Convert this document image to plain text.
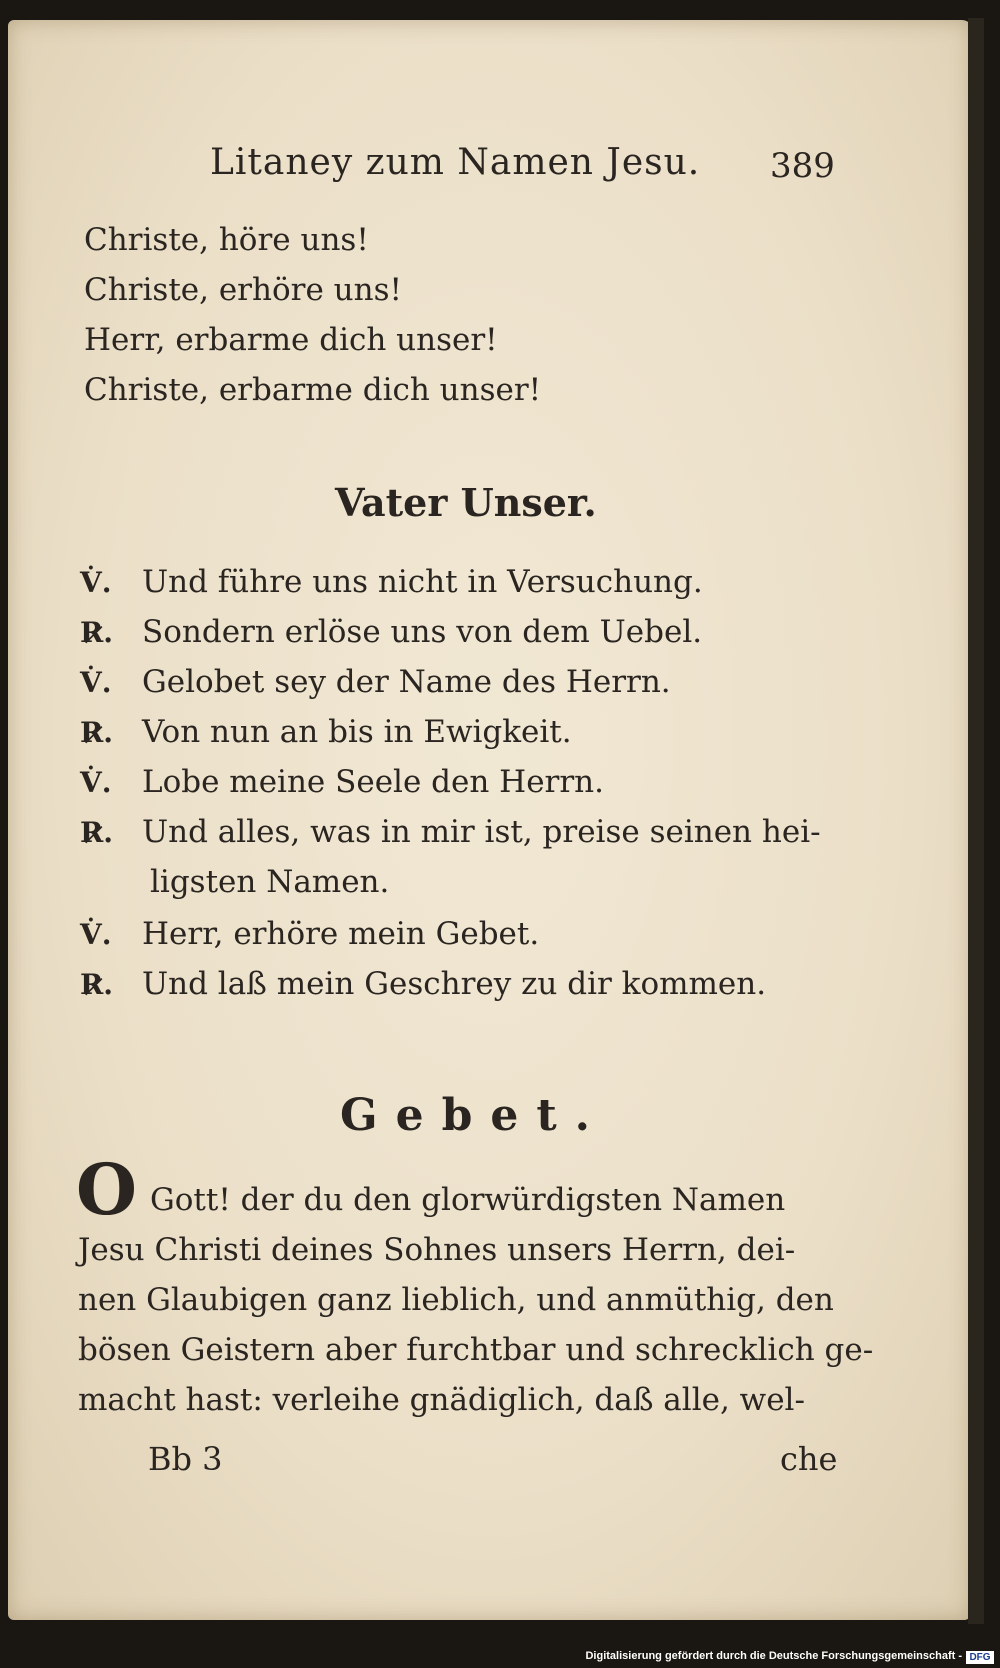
Litaney zum Namen Jesu. 389
Christe, höre uns!
Christe, erhöre uns!
Herr, erbarme dich unser!
Christe, erbarme dich unser!
Vater Unser.
V̇. Und führe uns nicht in Versuchung.
R̷. Sondern erlöse uns von dem Uebel.
V̇. Gelobet sey der Name des Herrn.
R̷. Von nun an bis in Ewigkeit.
V̇. Lobe meine Seele den Herrn.
R̷. Und alles, was in mir ist, preise seinen hei-
ligsten Namen.
V̇. Herr, erhöre mein Gebet.
R̷. Und laß mein Geschrey zu dir kommen.
Gebet.
O Gott! der du den glorwürdigsten Namen
Jesu Christi deines Sohnes unsers Herrn, dei-
nen Glaubigen ganz lieblich, und anmüthig, den
bösen Geistern aber furchtbar und schrecklich ge-
macht hast: verleihe gnädiglich, daß alle, wel-
Bb 3	che
Digitalisierung gefördert durch die Deutsche Forschungsgemeinschaft - DFG
